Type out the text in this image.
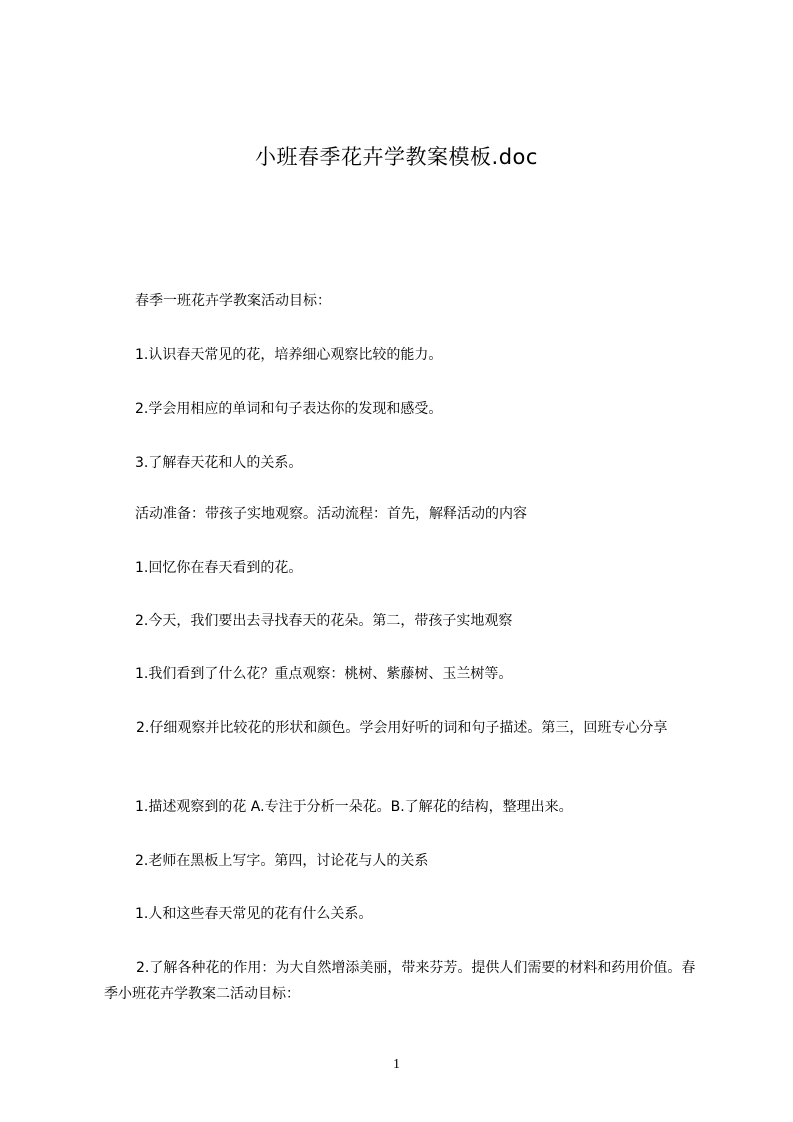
小班春季花卉学教案模板.doc
春季一班花卉学教案活动目标：
1.认识春天常见的花，培养细心观察比较的能力。
2.学会用相应的单词和句子表达你的发现和感受。
3.了解春天花和人的关系。
活动准备：带孩子实地观察。活动流程：首先，解释活动的内容
1.回忆你在春天看到的花。
2.今天，我们要出去寻找春天的花朵。第二，带孩子实地观察
1.我们看到了什么花？重点观察：桃树、紫藤树、玉兰树等。
2.仔细观察并比较花的形状和颜色。学会用好听的词和句子描述。第三，回班专心分享
1.描述观察到的花 A.专注于分析一朵花。B.了解花的结构，整理出来。
2.老师在黑板上写字。第四，讨论花与人的关系
1.人和这些春天常见的花有什么关系。
2.了解各种花的作用：为大自然增添美丽，带来芬芳。提供人们需要的材料和药用价值。春季小班花卉学教案二活动目标：
1
